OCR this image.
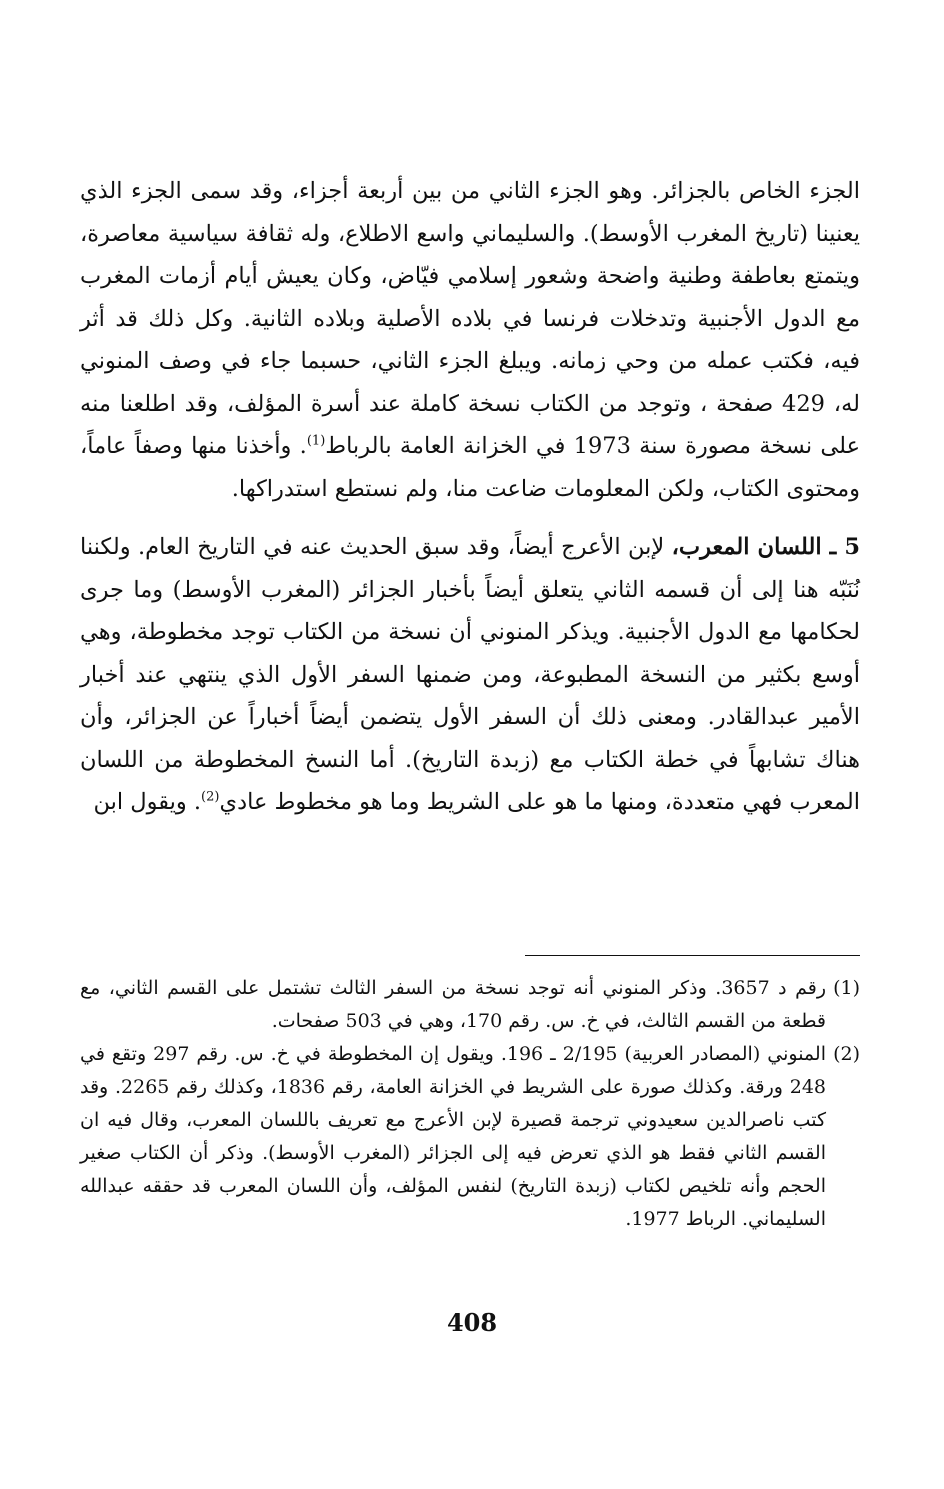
الجزء الخاص بالجزائر. وهو الجزء الثاني من بين أربعة أجزاء، وقد سمى الجزء الذي يعنينا (تاريخ المغرب الأوسط). والسليماني واسع الاطلاع، وله ثقافة سياسية معاصرة، ويتمتع بعاطفة وطنية واضحة وشعور إسلامي فيّاض، وكان يعيش أيام أزمات المغرب مع الدول الأجنبية وتدخلات فرنسا في بلاده الأصلية وبلاده الثانية. وكل ذلك قد أثر فيه، فكتب عمله من وحي زمانه. ويبلغ الجزء الثاني، حسبما جاء في وصف المنوني له، 429 صفحة ، وتوجد من الكتاب نسخة كاملة عند أسرة المؤلف، وقد اطلعنا منه على نسخة مصورة سنة 1973 في الخزانة العامة بالرباط$^{(1)}$. وأخذنا منها وصفاً عاماً، ومحتوى الكتاب، ولكن المعلومات ضاعت منا، ولم نستطع استدراكها.

5 ـ اللسان المعرب، لإبن الأعرج أيضاً، وقد سبق الحديث عنه في التاريخ العام. ولكننا نُنَبّه هنا إلى أن قسمه الثاني يتعلق أيضاً بأخبار الجزائر (المغرب الأوسط) وما جرى لحكامها مع الدول الأجنبية. ويذكر المنوني أن نسخة من الكتاب توجد مخطوطة، وهي أوسع بكثير من النسخة المطبوعة، ومن ضمنها السفر الأول الذي ينتهي عند أخبار الأمير عبدالقادر. ومعنى ذلك أن السفر الأول يتضمن أيضاً أخباراً عن الجزائر، وأن هناك تشابهاً في خطة الكتاب مع (زبدة التاريخ). أما النسخ المخطوطة من اللسان المعرب فهي متعددة، ومنها ما هو على الشريط وما هو مخطوط عادي$^{(2)}$. ويقول ابن

(1)
رقم د 3657. وذكر المنوني أنه توجد نسخة من السفر الثالث تشتمل على القسم الثاني، مع قطعة من القسم الثالث، في خ. س. رقم 170، وهي في 503 صفحات.
(2)
المنوني (المصادر العربية) 2/195 ـ 196. ويقول إن المخطوطة في خ. س. رقم 297 وتقع في 248 ورقة. وكذلك صورة على الشريط في الخزانة العامة، رقم 1836، وكذلك رقم 2265. وقد كتب ناصرالدين سعيدوني ترجمة قصيرة لإبن الأعرج مع تعريف باللسان المعرب، وقال فيه ان القسم الثاني فقط هو الذي تعرض فيه إلى الجزائر (المغرب الأوسط). وذكر أن الكتاب صغير الحجم وأنه تلخيص لكتاب (زبدة التاريخ) لنفس المؤلف، وأن اللسان المعرب قد حققه عبدالله السليماني. الرباط 1977.
408
